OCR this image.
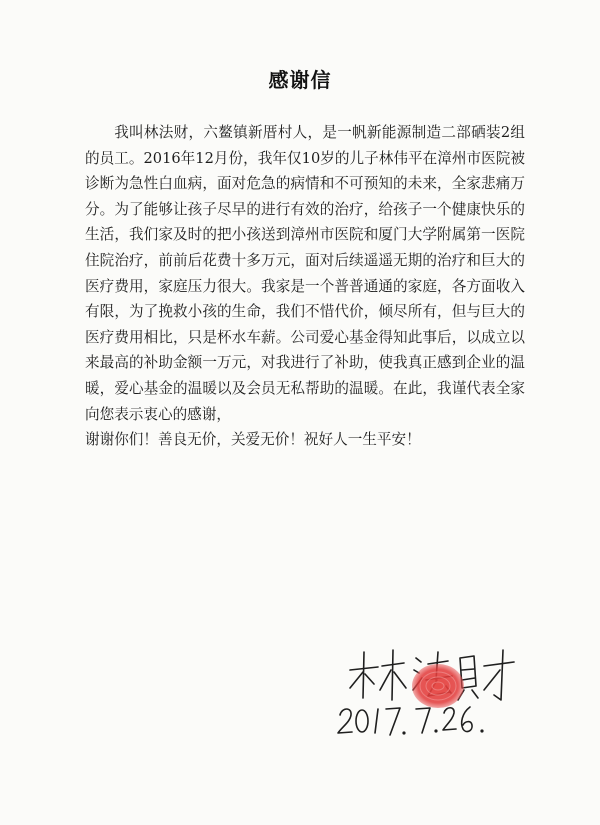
感谢信

我叫林法财，六鳌镇新厝村人，是一帆新能源制造二部硒装2组的员工。2016年12月份，我年仅10岁的儿子林伟平在漳州市医院被诊断为急性白血病，面对危急的病情和不可预知的未来，全家悲痛万分。为了能够让孩子尽早的进行有效的治疗，给孩子一个健康快乐的生活，我们家及时的把小孩送到漳州市医院和厦门大学附属第一医院住院治疗，前前后花费十多万元，面对后续遥遥无期的治疗和巨大的医疗费用，家庭压力很大。我家是一个普普通通的家庭，各方面收入有限，为了挽救小孩的生命，我们不惜代价，倾尽所有，但与巨大的医疗费用相比，只是杯水车薪。公司爱心基金得知此事后，以成立以来最高的补助金额一万元，对我进行了补助，使我真正感到企业的温暖，爱心基金的温暖以及会员无私帮助的温暖。在此，我谨代表全家向您表示衷心的感谢，

谢谢你们！善良无价，关爱无价！祝好人一生平安！
